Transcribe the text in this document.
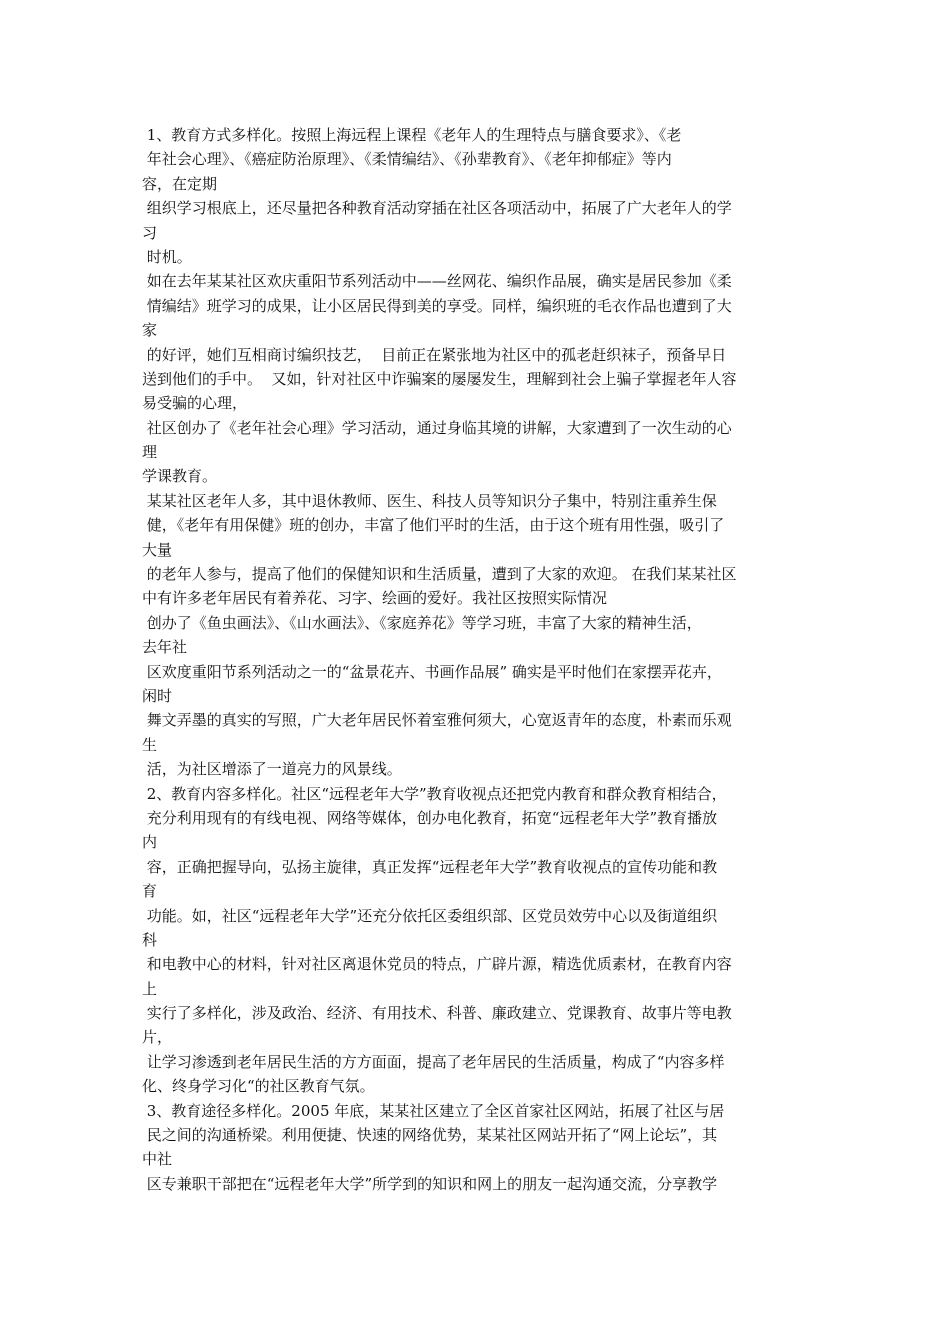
1、教育方式多样化。按照上海远程上课程《老年人的生理特点与膳食要求》、《老
年社会心理》、《癌症防治原理》、《柔情编结》、《孙辈教育》、《老年抑郁症》等内
容，在定期
组织学习根底上，还尽量把各种教育活动穿插在社区各项活动中，拓展了广大老年人的学
习
时机。
如在去年某某社区欢庆重阳节系列活动中——丝网花、编织作品展，确实是居民参加《柔
情编结》班学习的成果，让小区居民得到美的享受。同样，编织班的毛衣作品也遭到了大
家
的好评，她们互相商讨编织技艺，  目前正在紧张地为社区中的孤老赶织袜子，预备早日
送到他们的手中。  又如，针对社区中诈骗案的屡屡发生，理解到社会上骗子掌握老年人容
易受骗的心理，
社区创办了《老年社会心理》学习活动，通过身临其境的讲解，大家遭到了一次生动的心
理
学课教育。
某某社区老年人多，其中退休教师、医生、科技人员等知识分子集中，特别注重养生保
健，《老年有用保健》班的创办，丰富了他们平时的生活，由于这个班有用性强，吸引了
大量
的老年人参与，提高了他们的保健知识和生活质量，遭到了大家的欢迎。 在我们某某社区
中有许多老年居民有着养花、习字、绘画的爱好。我社区按照实际情况
创办了《鱼虫画法》、《山水画法》、《家庭养花》等学习班，丰富了大家的精神生活，
去年社
区欢度重阳节系列活动之一的“盆景花卉、书画作品展” 确实是平时他们在家摆弄花卉，
闲时
舞文弄墨的真实的写照，广大老年居民怀着室雅何须大，心宽返青年的态度，朴素而乐观
生
活，为社区增添了一道亮力的风景线。
2、教育内容多样化。社区“远程老年大学”教育收视点还把党内教育和群众教育相结合，
充分利用现有的有线电视、网络等媒体，创办电化教育，拓宽“远程老年大学”教育播放
内
容，正确把握导向，弘扬主旋律，真正发挥“远程老年大学”教育收视点的宣传功能和教
育
功能。如，社区“远程老年大学”还充分依托区委组织部、区党员效劳中心以及街道组织
科
和电教中心的材料，针对社区离退休党员的特点，广辟片源，精选优质素材，在教育内容
上
实行了多样化，涉及政治、经济、有用技术、科普、廉政建立、党课教育、故事片等电教
片，
让学习渗透到老年居民生活的方方面面，提高了老年居民的生活质量，构成了“内容多样
化、终身学习化“的社区教育气氛。
3、教育途径多样化。2005 年底，某某社区建立了全区首家社区网站，拓展了社区与居
民之间的沟通桥梁。利用便捷、快速的网络优势，某某社区网站开拓了“网上论坛”，其
中社
区专兼职干部把在“远程老年大学”所学到的知识和网上的朋友一起沟通交流，分享教学
